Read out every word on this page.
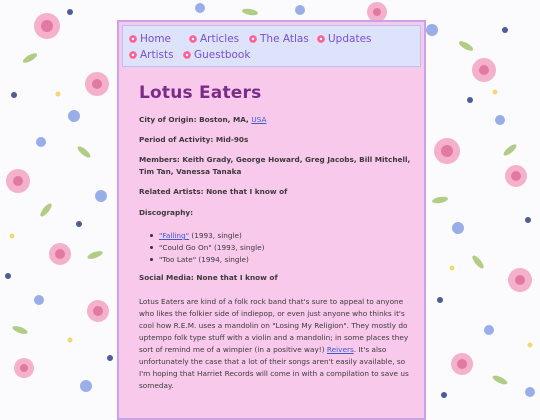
Home	Articles	The Atlas	Updates
Artists	Guestbook
Lotus Eaters
City of Origin: Boston, MA, USA
Period of Activity: Mid-90s
Members: Keith Grady, George Howard, Greg Jacobs, Bill Mitchell,
Tim Tan, Vanessa Tanaka
Related Artists: None that I know of
Discography:
"Falling" (1993, single)
"Could Go On" (1993, single)
"Too Late" (1994, single)
Social Media: None that I know of
Lotus Eaters are kind of a folk rock band that's sure to appeal to anyone
who likes the folkier side of indiepop, or even just anyone who thinks it's
cool how R.E.M. uses a mandolin on "Losing My Religion". They mostly do
uptempo folk type stuff with a violin and a mandolin; in some places they
sort of remind me of a wimpier (in a positive way!) Reivers. It's also
unfortunately the case that a lot of their songs aren't easily available, so
I'm hoping that Harriet Records will come in with a compilation to save us
someday.
